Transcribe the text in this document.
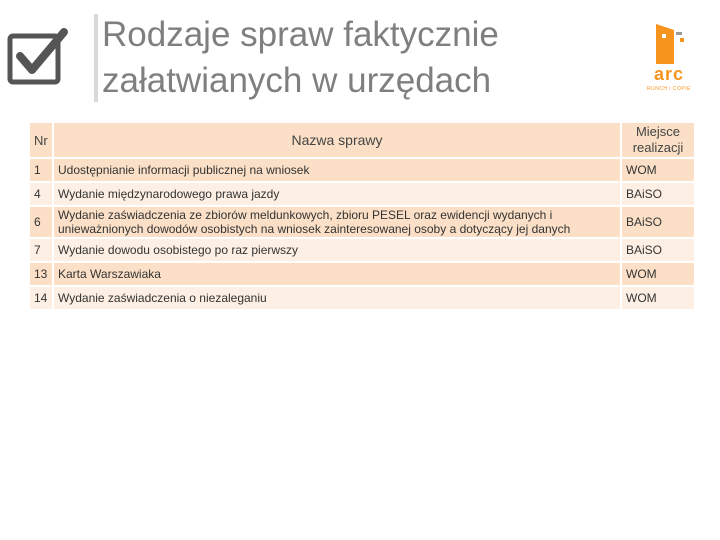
Rodzaje spraw faktycznie załatwianych w urzędach	arc
RUNCH i COPIE
Nr	Nazwa sprawy	Miejsce realizacji
1	Udostępnianie informacji publicznej na wniosek	WOM
4	Wydanie międzynarodowego prawa jazdy	BAiSO
6	Wydanie zaświadczenia ze zbiorów meldunkowych, zbioru PESEL oraz ewidencji wydanych i unieważnionych dowodów osobistych na wniosek zainteresowanej osoby a dotyczący jej danych	BAiSO
7	Wydanie dowodu osobistego po raz pierwszy	BAiSO
13	Karta Warszawiaka	WOM
14	Wydanie zaświadczenia o niezaleganiu	WOM
